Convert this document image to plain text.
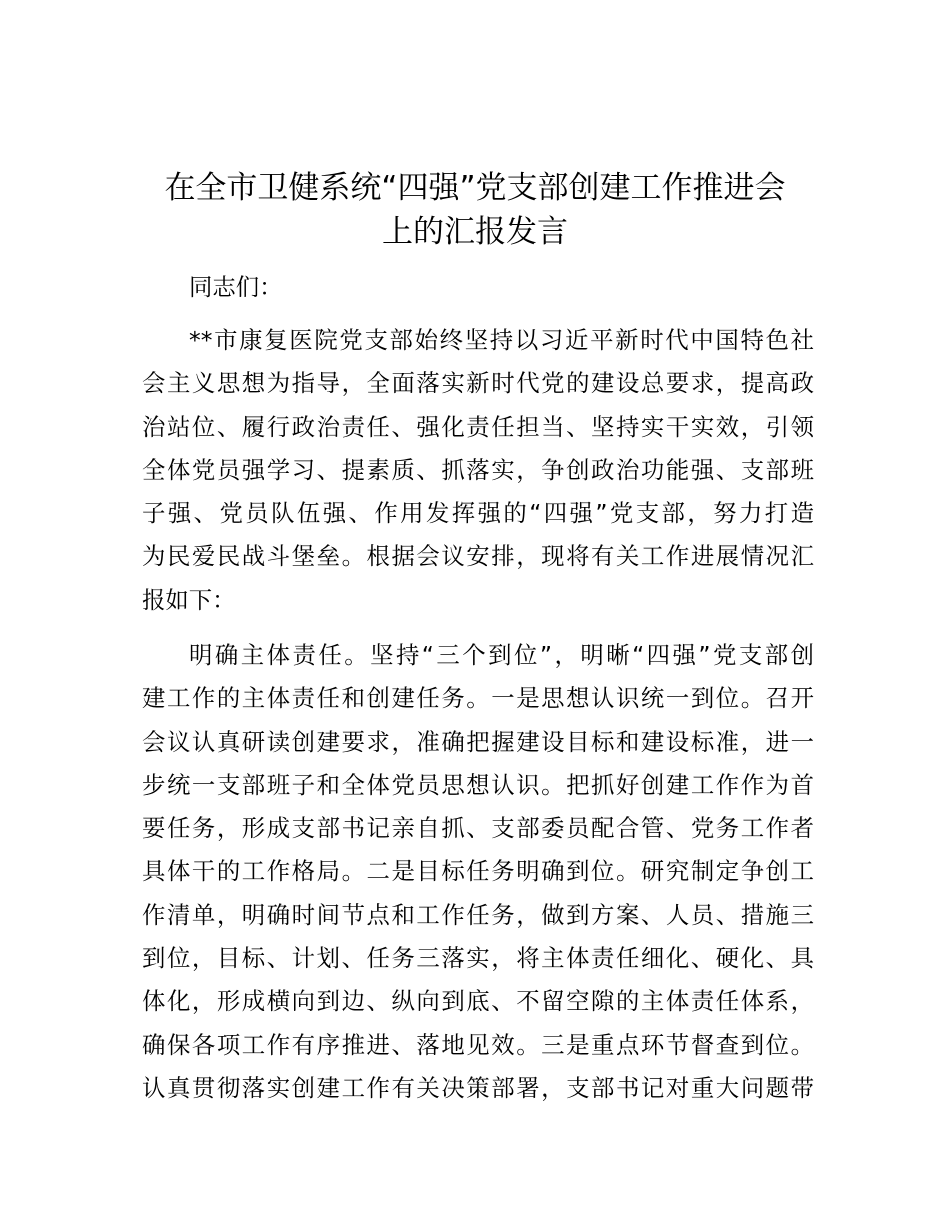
在全市卫健系统“四强”党支部创建工作推进会
上的汇报发言

同志们：

**市康复医院党支部始终坚持以习近平新时代中国特色社
会主义思想为指导，全面落实新时代党的建设总要求，提高政
治站位、履行政治责任、强化责任担当、坚持实干实效，引领
全体党员强学习、提素质、抓落实，争创政治功能强、支部班
子强、党员队伍强、作用发挥强的“四强”党支部，努力打造
为民爱民战斗堡垒。根据会议安排，现将有关工作进展情况汇
报如下：
明确主体责任。坚持“三个到位”，明晰“四强”党支部创
建工作的主体责任和创建任务。一是思想认识统一到位。召开
会议认真研读创建要求，准确把握建设目标和建设标准，进一
步统一支部班子和全体党员思想认识。把抓好创建工作作为首
要任务，形成支部书记亲自抓、支部委员配合管、党务工作者
具体干的工作格局。二是目标任务明确到位。研究制定争创工
作清单，明确时间节点和工作任务，做到方案、人员、措施三
到位，目标、计划、任务三落实，将主体责任细化、硬化、具
体化，形成横向到边、纵向到底、不留空隙的主体责任体系，
确保各项工作有序推进、落地见效。三是重点环节督查到位。
认真贯彻落实创建工作有关决策部署，支部书记对重大问题带
